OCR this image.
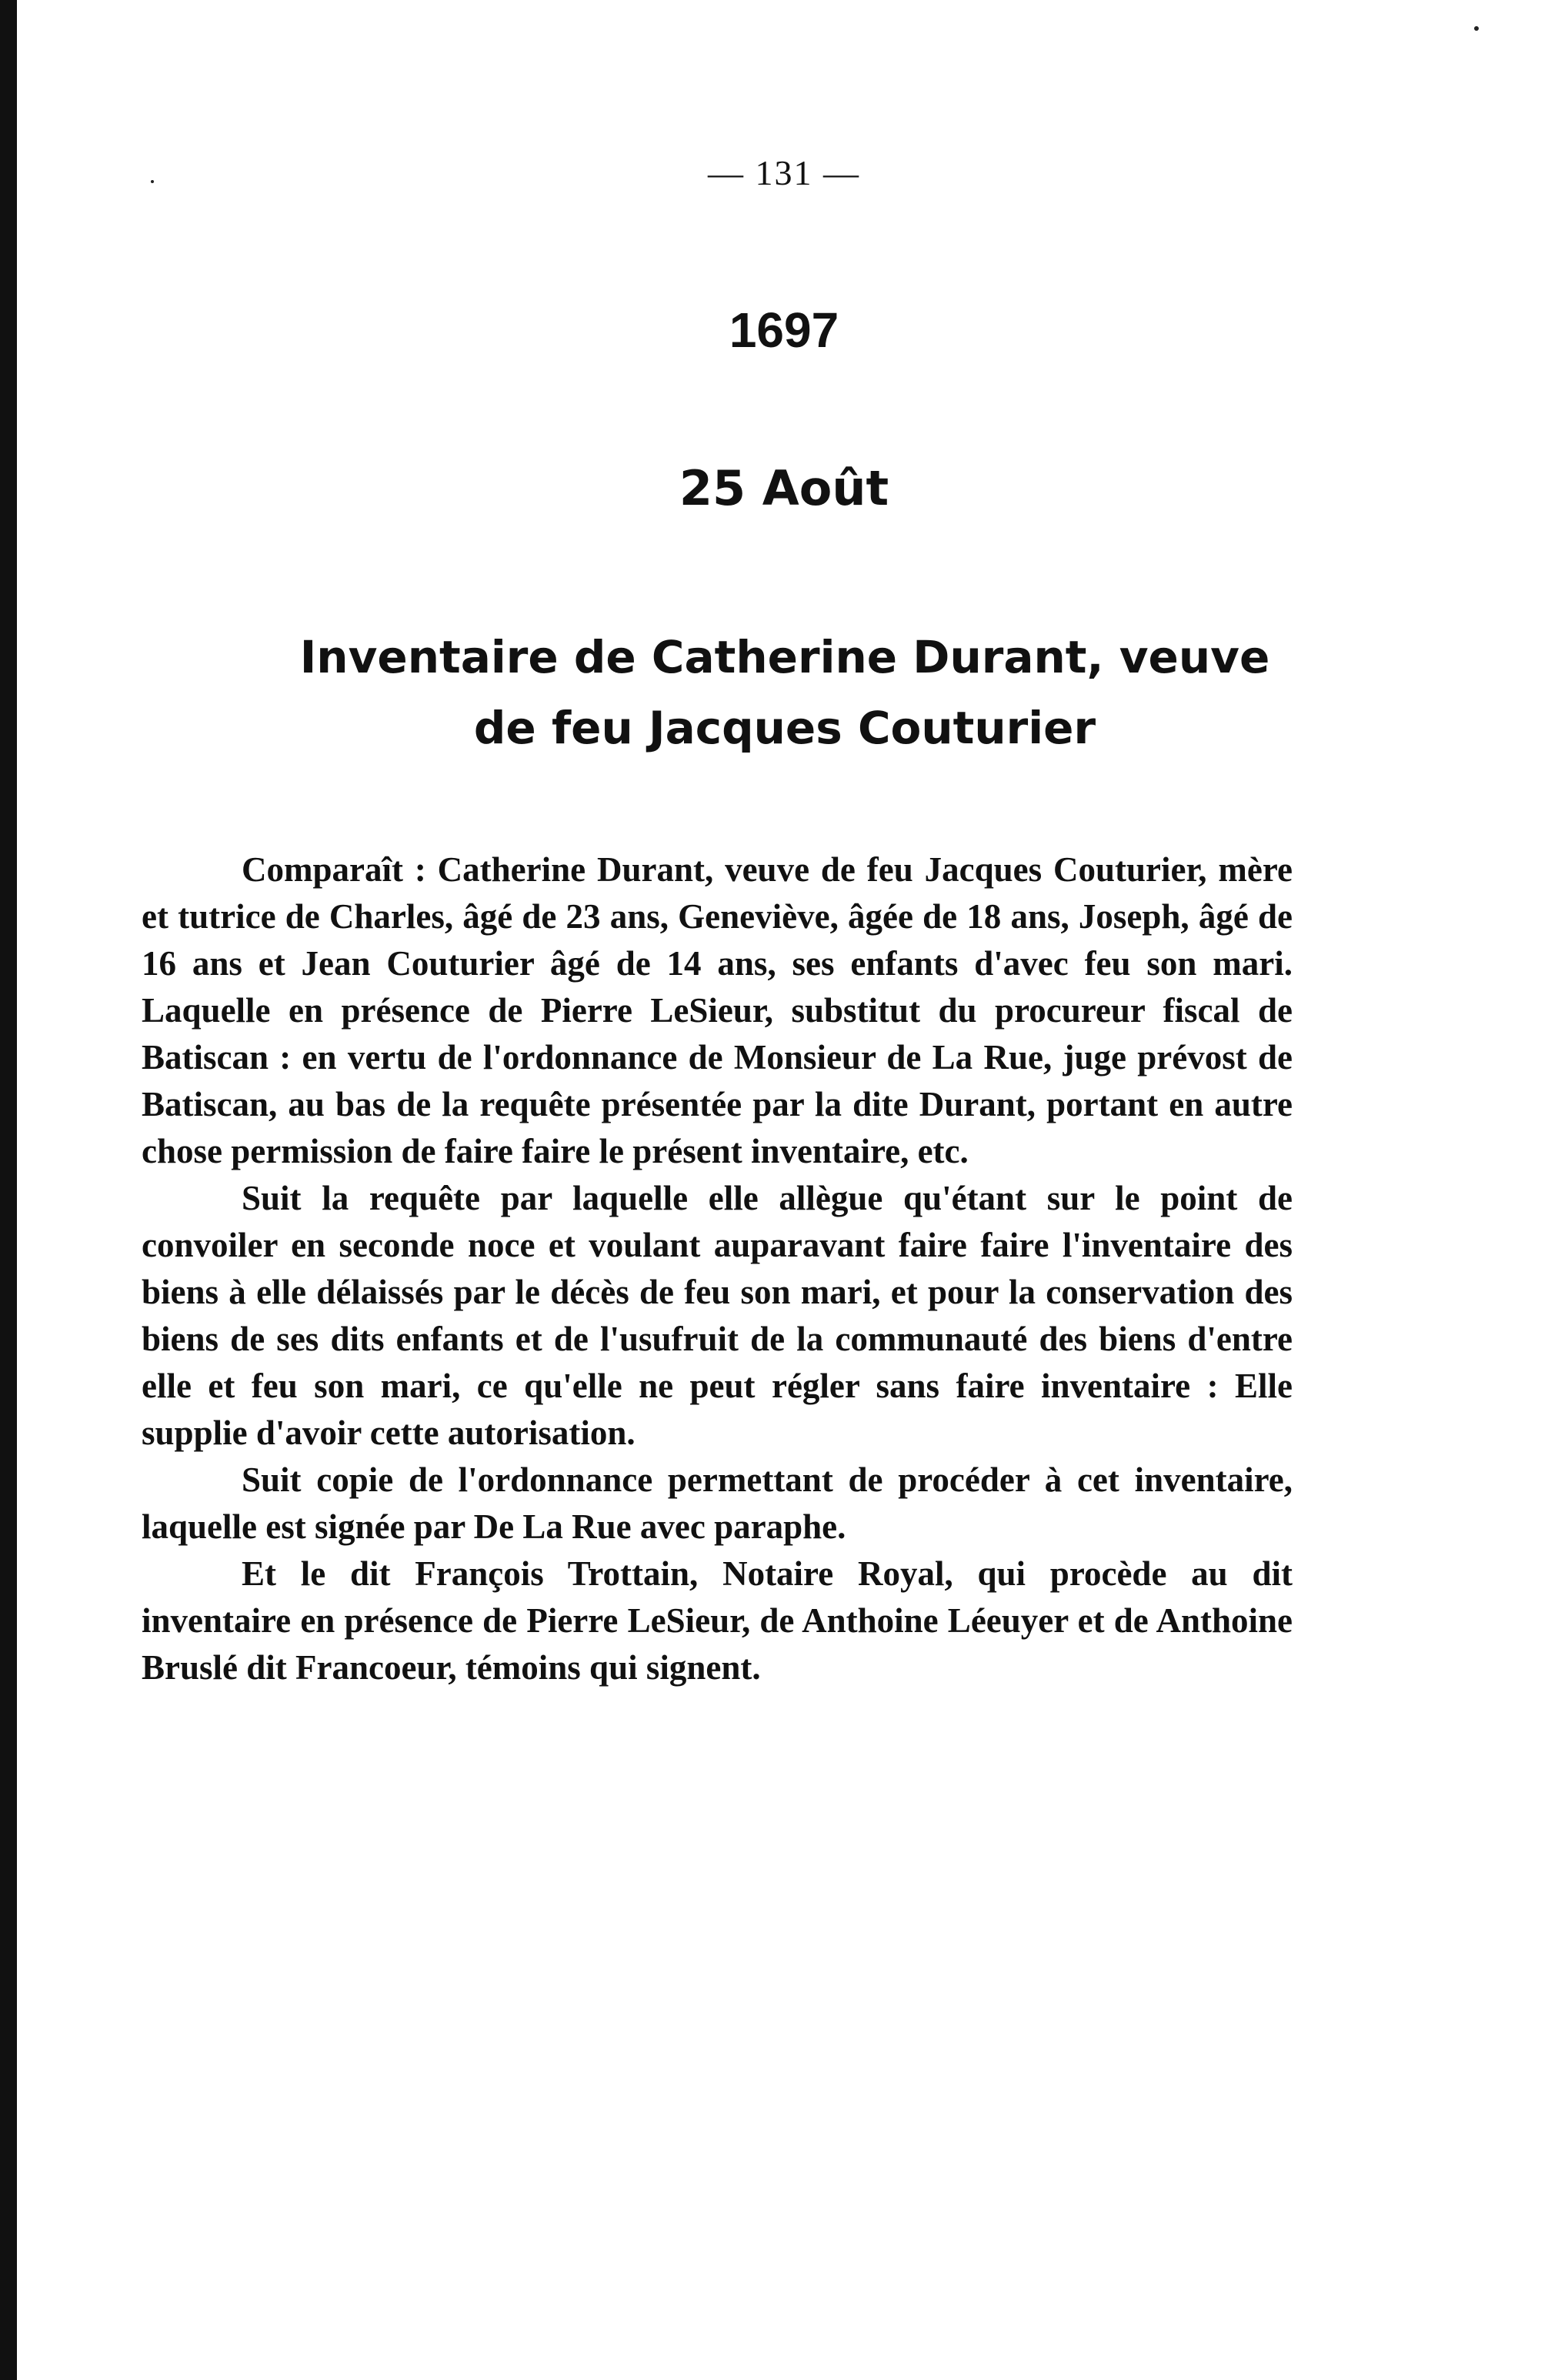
— 131 —
1697
25 Août
Inventaire de Catherine Durant, veuve
de feu Jacques Couturier

Comparaît : Catherine Durant, veuve de feu Jacques Couturier, mère et tutrice de Charles, âgé de 23 ans, Geneviève, âgée de 18 ans, Joseph, âgé de 16 ans et Jean Couturier âgé de 14 ans, ses enfants d'avec feu son mari. Laquelle en présence de Pierre LeSieur, substitut du procureur fiscal de Batiscan : en vertu de l'ordonnance de Monsieur de La Rue, juge prévost de Batiscan, au bas de la requête présentée par la dite Durant, portant en autre chose permission de faire faire le présent inventaire, etc.

Suit la requête par laquelle elle allègue qu'étant sur le point de convoiler en seconde noce et voulant auparavant faire faire l'inventaire des biens à elle délaissés par le décès de feu son mari, et pour la conservation des biens de ses dits enfants et de l'usufruit de la communauté des biens d'entre elle et feu son mari, ce qu'elle ne peut régler sans faire inventaire : Elle supplie d'avoir cette autorisation.

Suit copie de l'ordonnance permettant de procéder à cet inventaire, laquelle est signée par De La Rue avec paraphe.

Et le dit François Trottain, Notaire Royal, qui procède au dit inventaire en présence de Pierre LeSieur, de Anthoine Léeuyer et de Anthoine Bruslé dit Francoeur, témoins qui signent.
